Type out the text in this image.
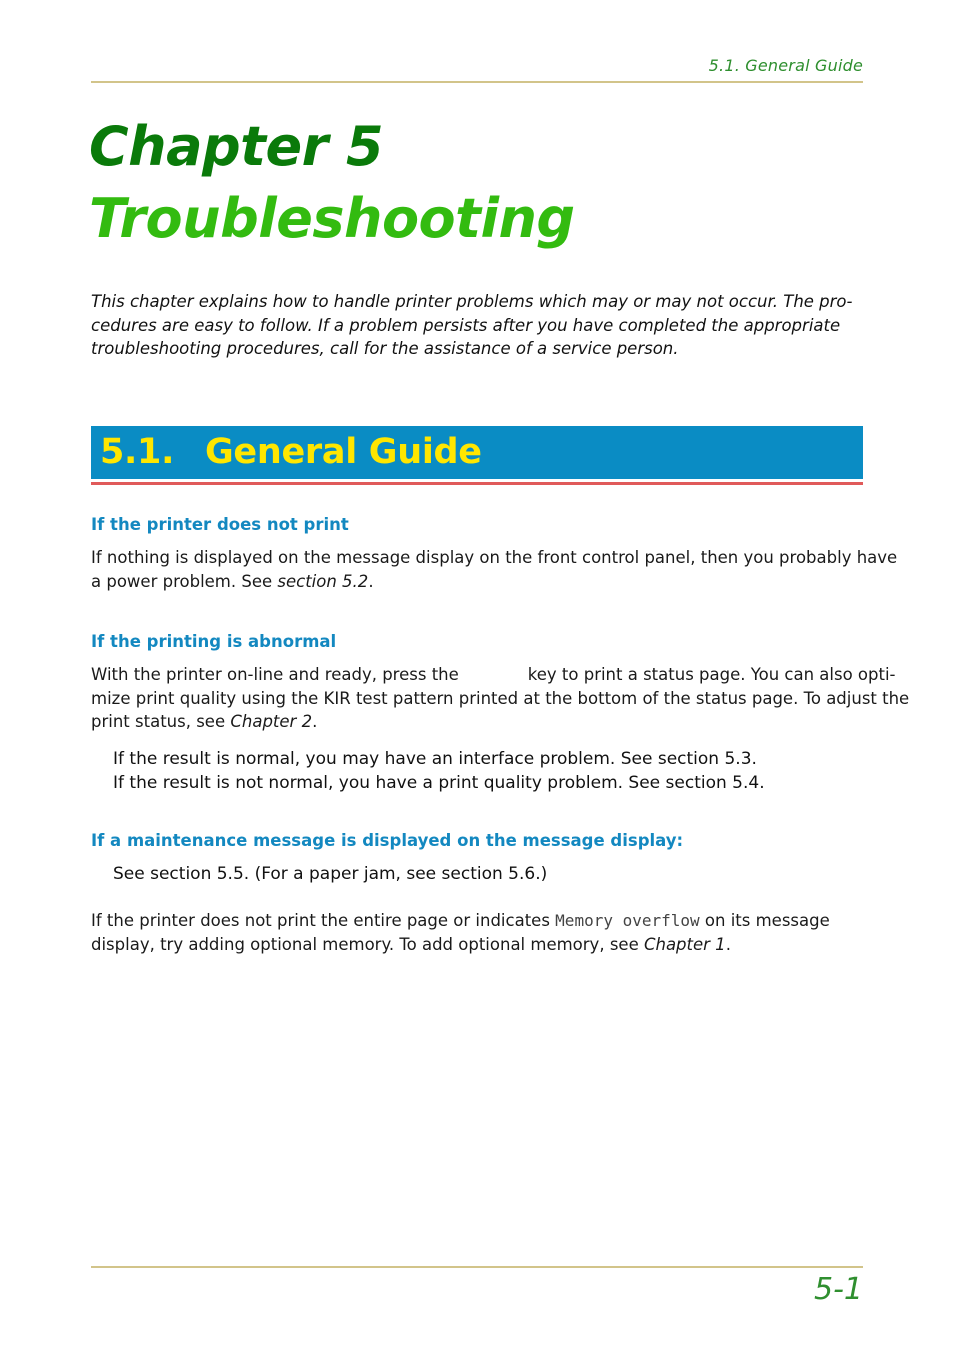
5.1. General Guide
Chapter 5
Troubleshooting
This chapter explains how to handle printer problems which may or may not occur. The pro-
cedures are easy to follow. If a problem persists after you have completed the appropriate
troubleshooting procedures, call for the assistance of a service person.
5.1. General Guide
If the printer does not print
If nothing is displayed on the message display on the front control panel, then you probably have
a power problem. See section 5.2.
If the printing is abnormal
With the printer on-line and ready, press the	key to print a status page. You can also opti-
mize print quality using the KIR test pattern printed at the bottom of the status page. To adjust the
print status, see Chapter 2.
If the result is normal, you may have an interface problem. See section 5.3.
If the result is not normal, you have a print quality problem. See section 5.4.
If a maintenance message is displayed on the message display:
See section 5.5. (For a paper jam, see section 5.6.)
If the printer does not print the entire page or indicates Memory overflow on its message
display, try adding optional memory. To add optional memory, see Chapter 1.
5-1
